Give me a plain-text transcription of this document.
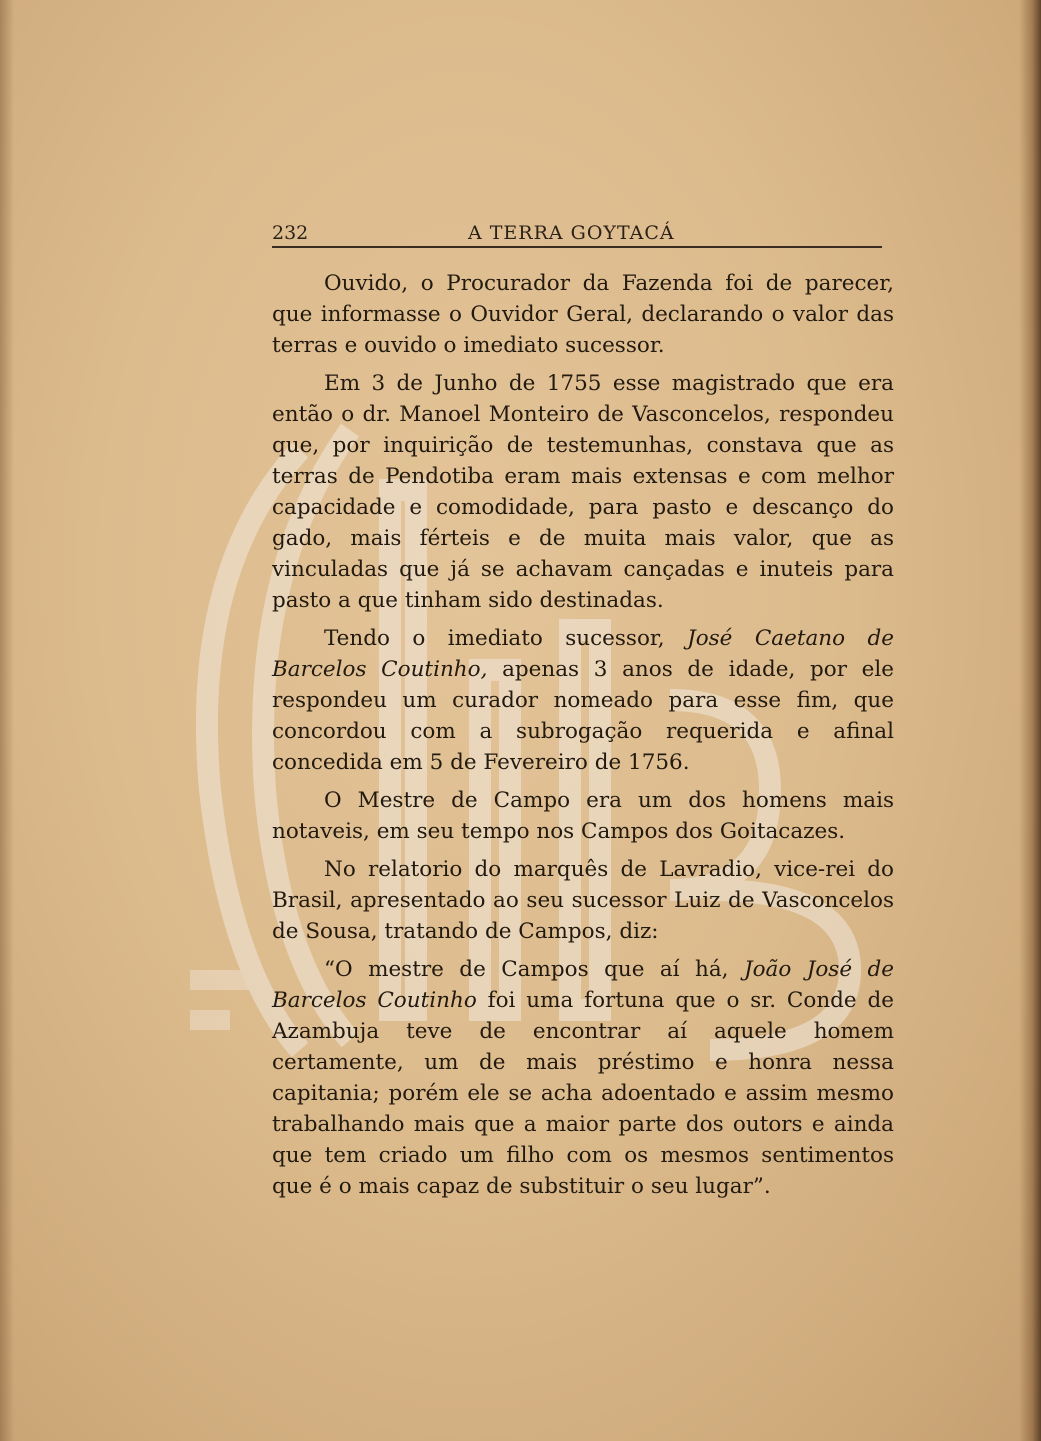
232	A TERRA GOYTACÁ

Ouvido, o Procurador da Fazenda foi de parecer, que informasse o Ouvidor Geral, declarando o valor das terras e ouvido o imediato sucessor.

Em 3 de Junho de 1755 esse magistrado que era então o dr. Manoel Monteiro de Vasconcelos, respondeu que, por inquirição de testemunhas, constava que as terras de Pendotiba eram mais extensas e com melhor capacidade e comodidade, para pasto e descanço do gado, mais férteis e de muita mais valor, que as vinculadas que já se achavam cançadas e inuteis para pasto a que tinham sido destinadas.

Tendo o imediato sucessor, José Caetano de Barcelos Coutinho, apenas 3 anos de idade, por ele respondeu um curador nomeado para esse fim, que concordou com a subrogação requerida e afinal concedida em 5 de Fevereiro de 1756.

O Mestre de Campo era um dos homens mais notaveis, em seu tempo nos Campos dos Goitacazes.

No relatorio do marquês de Lavradio, vice-rei do Brasil, apresentado ao seu sucessor Luiz de Vasconcelos de Sousa, tratando de Campos, diz:

“O mestre de Campos que aí há, João José de Barcelos Coutinho foi uma fortuna que o sr. Conde de Azambuja teve de encontrar aí aquele homem certamente, um de mais préstimo e honra nessa capitania; porém ele se acha adoentado e assim mesmo trabalhando mais que a maior parte dos outors e ainda que tem criado um filho com os mesmos sentimentos que é o mais capaz de substituir o seu lugar”.
